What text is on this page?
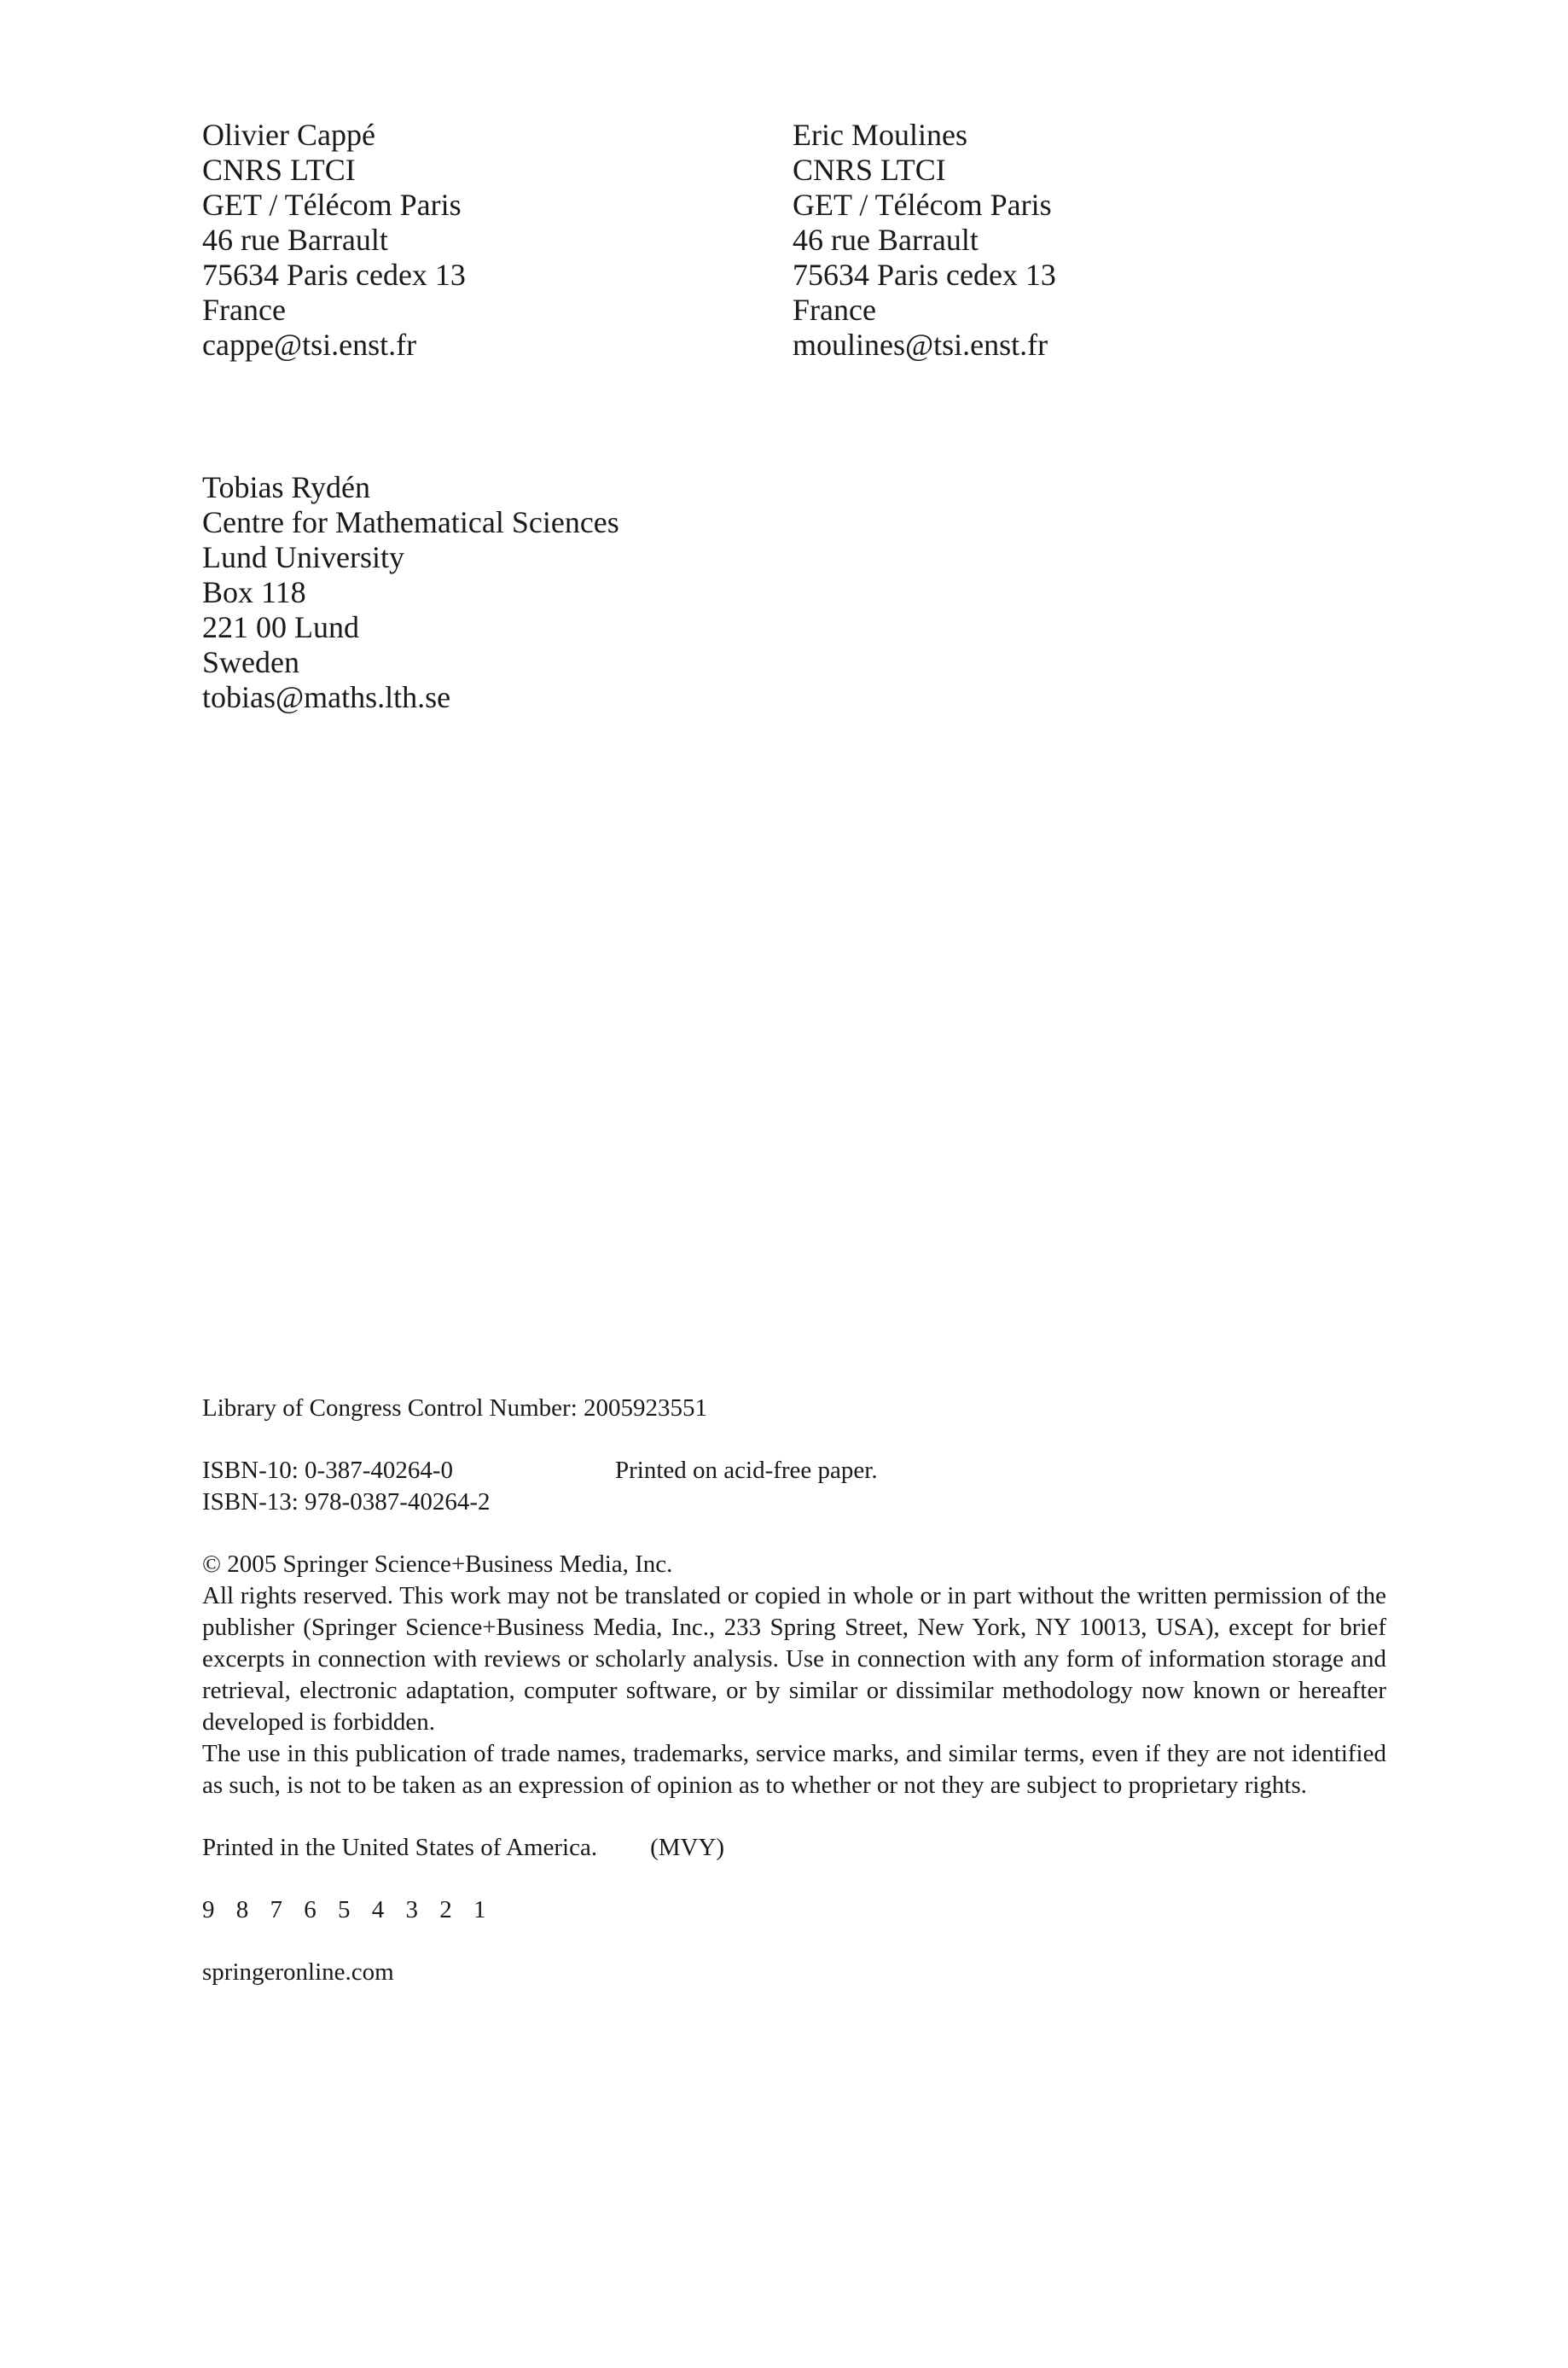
Olivier Cappé
CNRS LTCI
GET / Télécom Paris
46 rue Barrault
75634 Paris cedex 13
France
cappe@tsi.enst.fr
Eric Moulines
CNRS LTCI
GET / Télécom Paris
46 rue Barrault
75634 Paris cedex 13
France
moulines@tsi.enst.fr
Tobias Rydén
Centre for Mathematical Sciences
Lund University
Box 118
221 00 Lund
Sweden
tobias@maths.lth.se

Library of Congress Control Number: 2005923551

ISBN-10: 0-387-40264-0
ISBN-13: 978-0387-40264-2
Printed on acid-free paper.

© 2005 Springer Science+Business Media, Inc.

All rights reserved. This work may not be translated or copied in whole or in part without the written permission of the publisher (Springer Science+Business Media, Inc., 233 Spring Street, New York, NY 10013, USA), except for brief excerpts in connection with reviews or scholarly analysis. Use in connection with any form of information storage and retrieval, electronic adaptation, computer software, or by similar or dissimilar methodology now known or hereafter developed is forbidden.

The use in this publication of trade names, trademarks, service marks, and similar terms, even if they are not identified as such, is not to be taken as an expression of opinion as to whether or not they are subject to proprietary rights.

Printed in the United States of America. (MVY)

9 8 7 6 5 4 3 2 1

springeronline.com
